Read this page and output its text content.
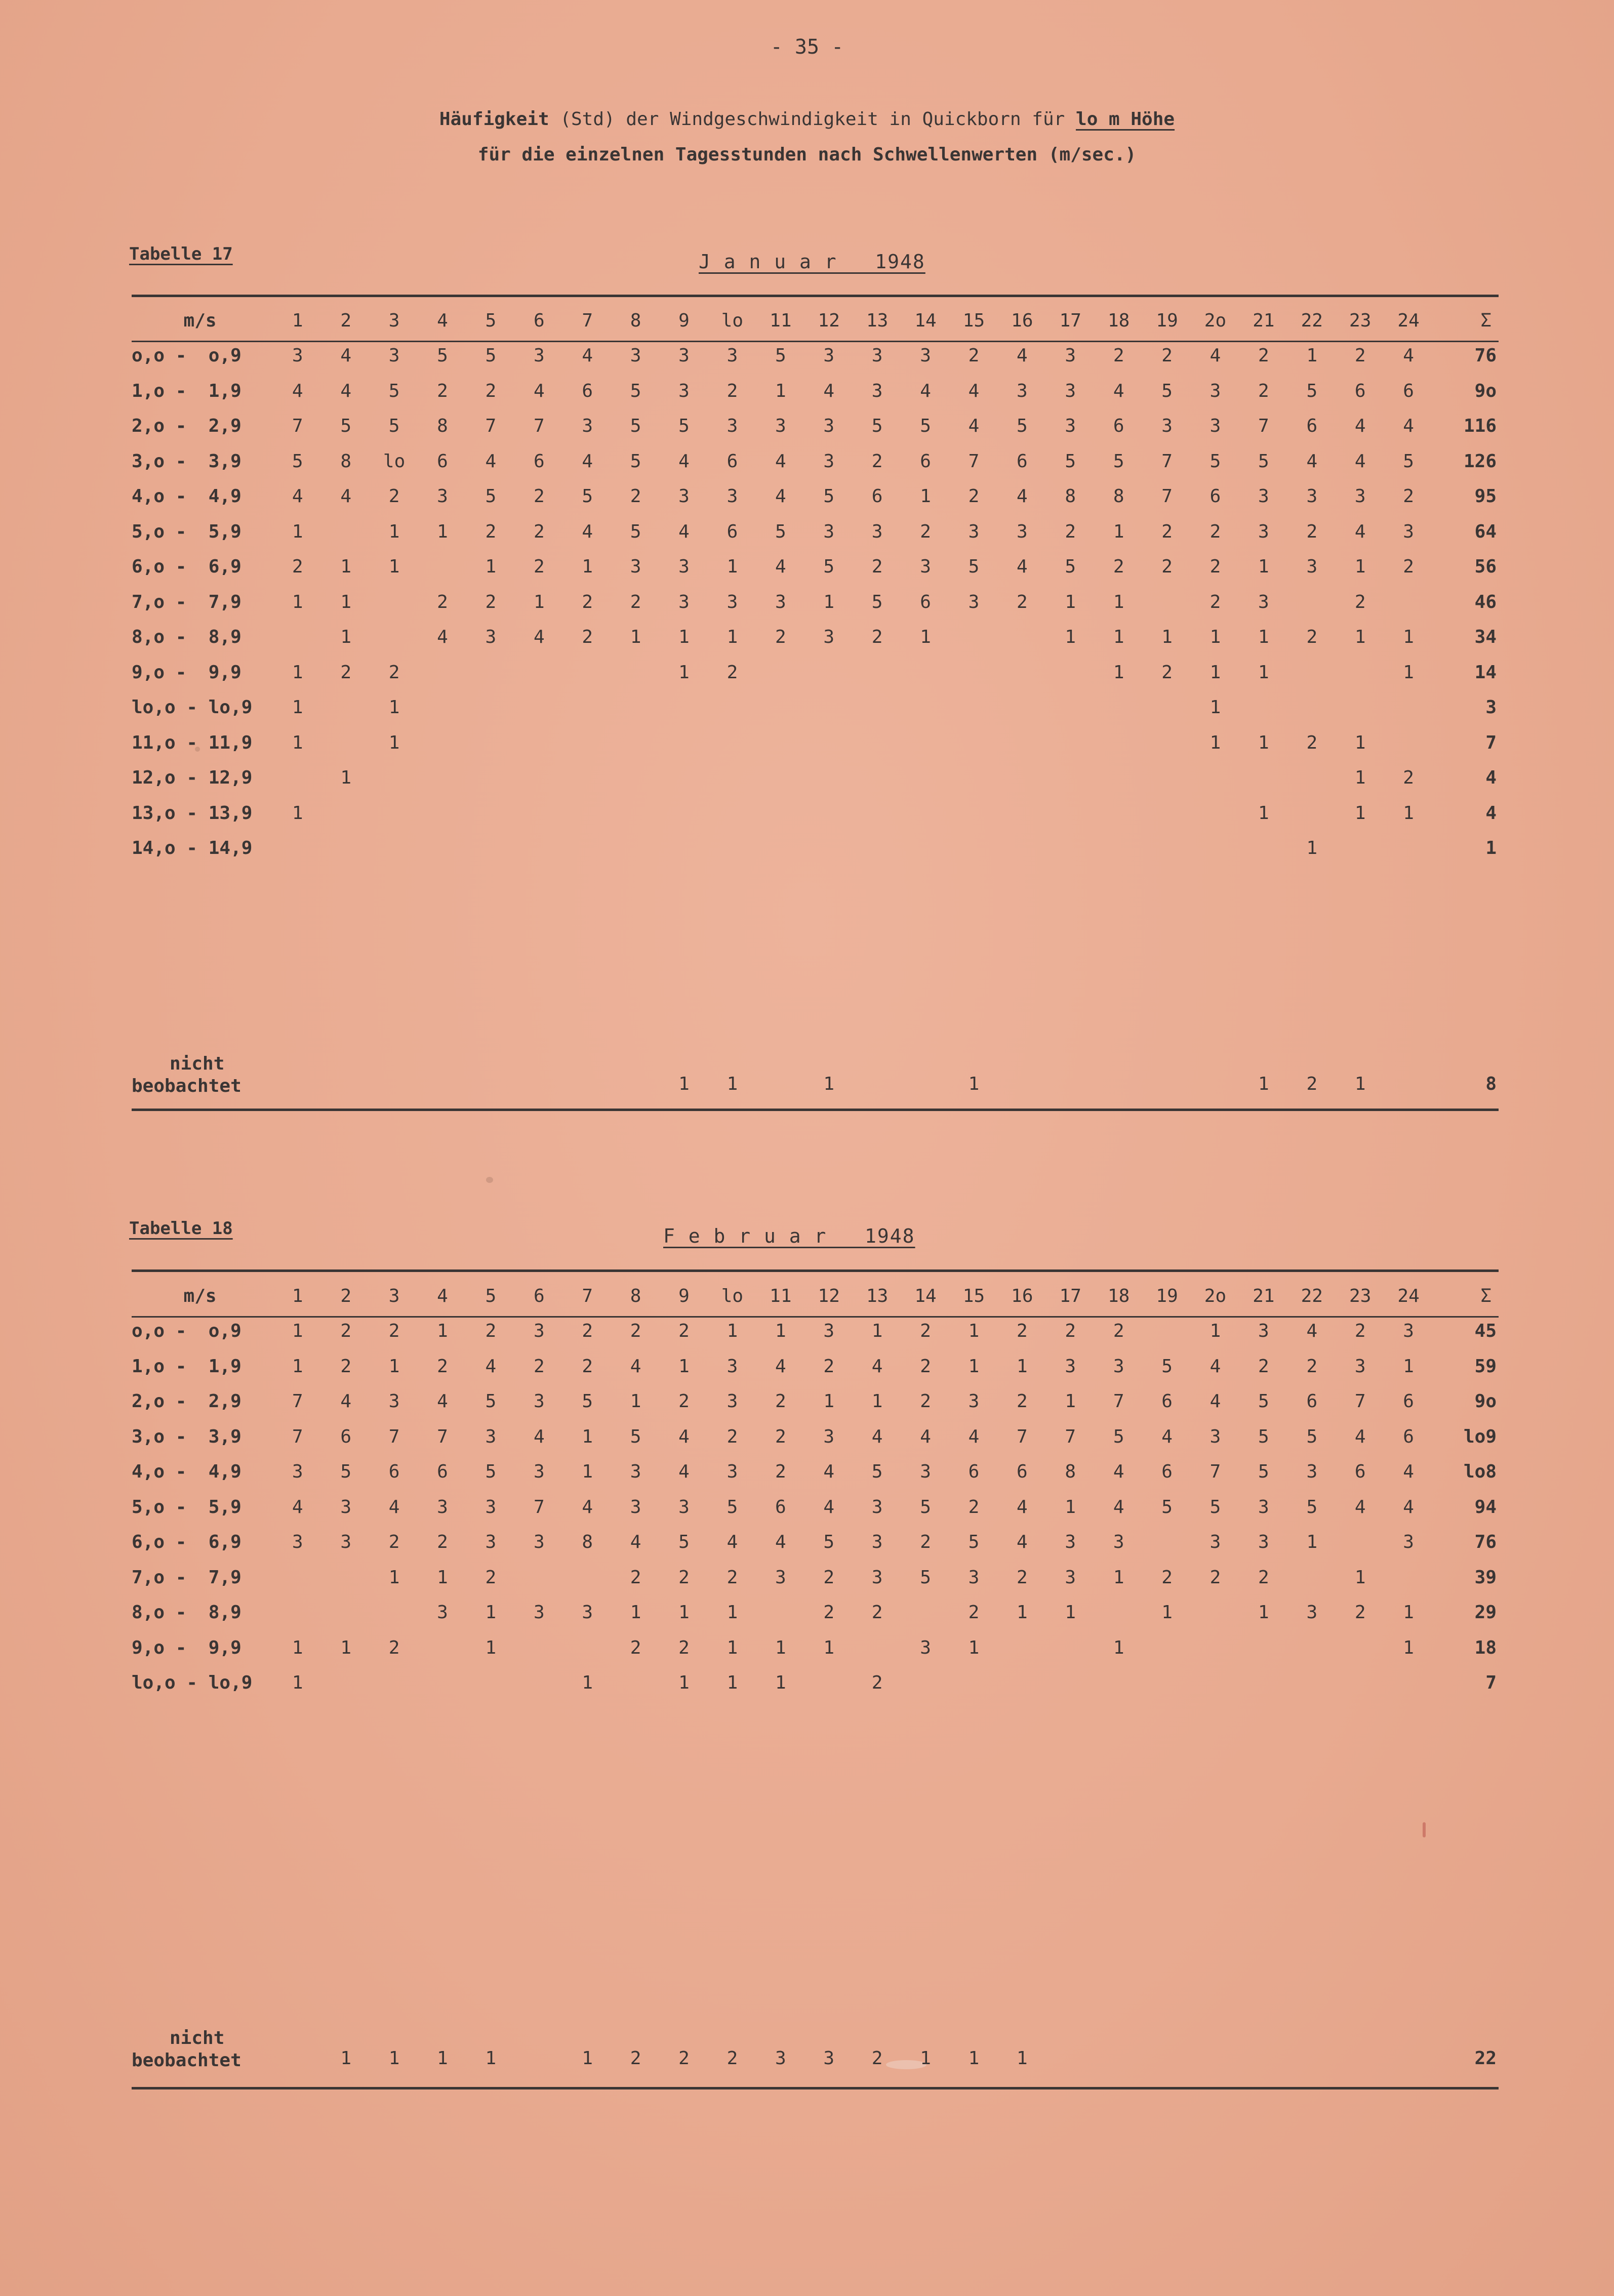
- 35 -
Häufigkeit (Std) der Windgeschwindigkeit in Quickborn für lo m Höhe
für die einzelnen Tagesstunden nach Schwellenwerten (m/sec.)
Tabelle 17	J a n u a r   1948
m/s	1	2	3	4	5	6	7	8	9	lo	11	12	13	14	15	16	17	18	19	2o	21	22	23	24	Σ
o,o -  o,9	3	4	3	5	5	3	4	3	3	3	5	3	3	3	2	4	3	2	2	4	2	1	2	4	76
1,o -  1,9	4	4	5	2	2	4	6	5	3	2	1	4	3	4	4	3	3	4	5	3	2	5	6	6	9o
2,o -  2,9	7	5	5	8	7	7	3	5	5	3	3	3	5	5	4	5	3	6	3	3	7	6	4	4	116
3,o -  3,9	5	8	lo	6	4	6	4	5	4	6	4	3	2	6	7	6	5	5	7	5	5	4	4	5	126
4,o -  4,9	4	4	2	3	5	2	5	2	3	3	4	5	6	1	2	4	8	8	7	6	3	3	3	2	95
5,o -  5,9	1		1	1	2	2	4	5	4	6	5	3	3	2	3	3	2	1	2	2	3	2	4	3	64
6,o -  6,9	2	1	1		1	2	1	3	3	1	4	5	2	3	5	4	5	2	2	2	1	3	1	2	56
7,o -  7,9	1	1		2	2	1	2	2	3	3	3	1	5	6	3	2	1	1		2	3		2		46
8,o -  8,9		1		4	3	4	2	1	1	1	2	3	2	1			1	1	1	1	1	2	1	1	34
9,o -  9,9	1	2	2						1	2								1	2	1	1			1	14
lo,o - lo,9	1		1																	1					3
11,o - 11,9	1		1																	1	1	2	1		7
12,o - 12,9		1																					1	2	4
13,o - 13,9	1																				1		1	1	4
14,o - 14,9																						1			1
nicht
beobachtet									1	1		1			1						1	2	1		8
Tabelle 18	F e b r u a r   1948
m/s	1	2	3	4	5	6	7	8	9	lo	11	12	13	14	15	16	17	18	19	2o	21	22	23	24	Σ
o,o -  o,9	1	2	2	1	2	3	2	2	2	1	1	3	1	2	1	2	2	2		1	3	4	2	3	45
1,o -  1,9	1	2	1	2	4	2	2	4	1	3	4	2	4	2	1	1	3	3	5	4	2	2	3	1	59
2,o -  2,9	7	4	3	4	5	3	5	1	2	3	2	1	1	2	3	2	1	7	6	4	5	6	7	6	9o
3,o -  3,9	7	6	7	7	3	4	1	5	4	2	2	3	4	4	4	7	7	5	4	3	5	5	4	6	lo9
4,o -  4,9	3	5	6	6	5	3	1	3	4	3	2	4	5	3	6	6	8	4	6	7	5	3	6	4	lo8
5,o -  5,9	4	3	4	3	3	7	4	3	3	5	6	4	3	5	2	4	1	4	5	5	3	5	4	4	94
6,o -  6,9	3	3	2	2	3	3	8	4	5	4	4	5	3	2	5	4	3	3		3	3	1		3	76
7,o -  7,9			1	1	2			2	2	2	3	2	3	5	3	2	3	1	2	2	2		1		39
8,o -  8,9				3	1	3	3	1	1	1		2	2		2	1	1		1		1	3	2	1	29
9,o -  9,9	1	1	2		1			2	2	1	1	1		3	1			1						1	18
lo,o - lo,9	1						1		1	1	1		2												7
nicht
beobachtet		1	1	1	1		1	2	2	2	3	3	2	1	1	1									22
